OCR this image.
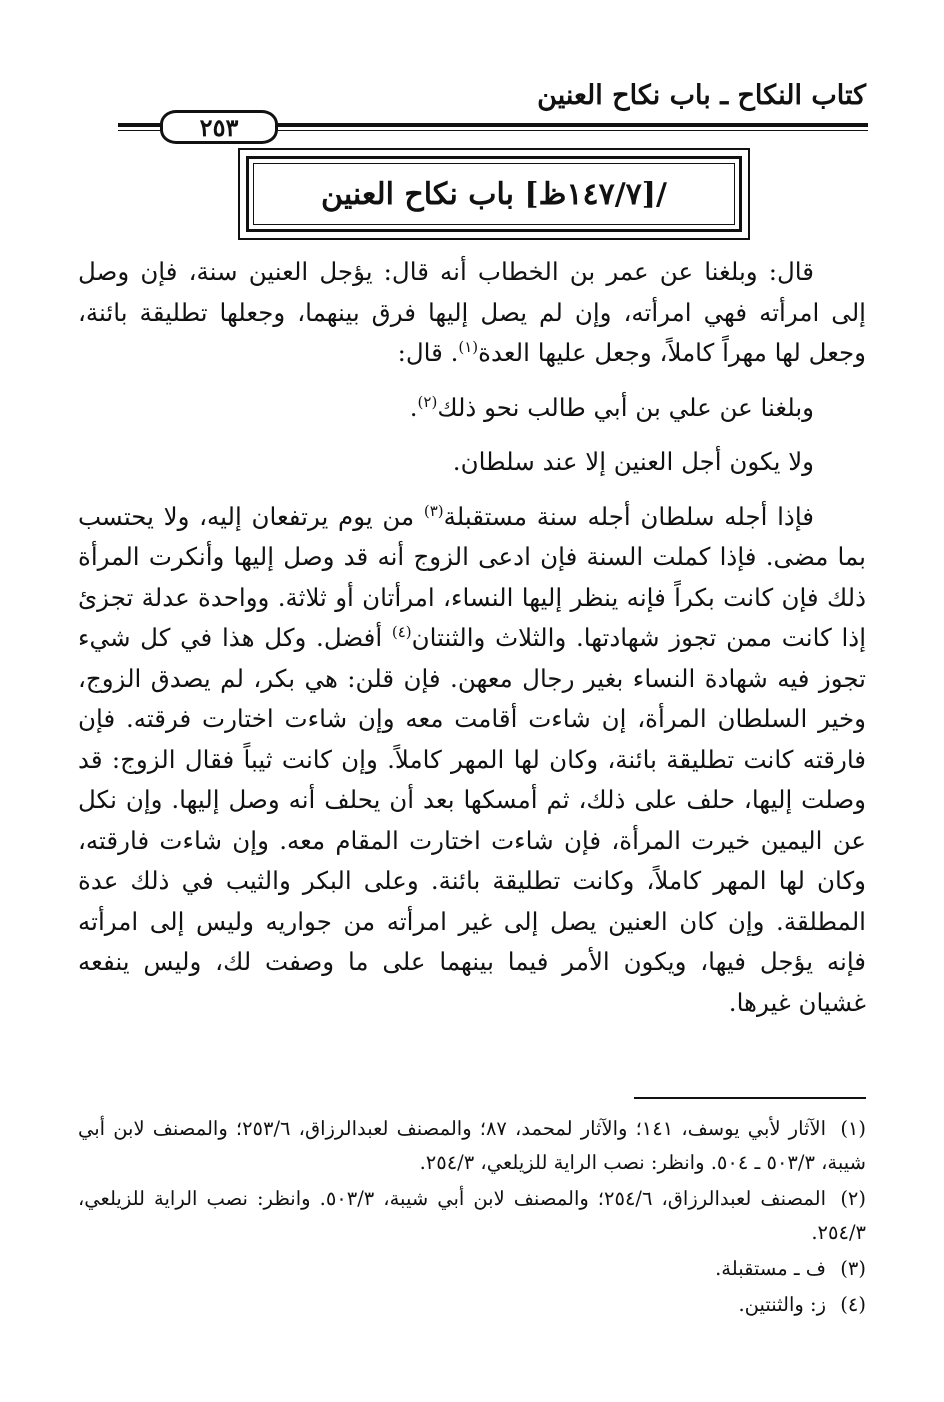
كتاب النكاح ـ باب نكاح العنين
٢٥٣
/[١٤٧/٧ظ] باب نكاح العنين

قال: وبلغنا عن عمر بن الخطاب أنه قال: يؤجل العنين سنة، فإن وصل إلى امرأته فهي امرأته، وإن لم يصل إليها فرق بينهما، وجعلها تطليقة بائنة، وجعل لها مهراً كاملاً، وجعل عليها العدة$^{(١)}$. قال:

وبلغنا عن علي بن أبي طالب نحو ذلك$^{(٢)}$.

ولا يكون أجل العنين إلا عند سلطان.

فإذا أجله سلطان أجله سنة مستقبلة$^{(٣)}$ من يوم يرتفعان إليه، ولا يحتسب بما مضى. فإذا كملت السنة فإن ادعى الزوج أنه قد وصل إليها وأنكرت المرأة ذلك فإن كانت بكراً فإنه ينظر إليها النساء، امرأتان أو ثلاثة. وواحدة عدلة تجزئ إذا كانت ممن تجوز شهادتها. والثلاث والثنتان$^{(٤)}$ أفضل. وكل هذا في كل شيء تجوز فيه شهادة النساء بغير رجال معهن. فإن قلن: هي بكر، لم يصدق الزوج، وخير السلطان المرأة، إن شاءت أقامت معه وإن شاءت اختارت فرقته. فإن فارقته كانت تطليقة بائنة، وكان لها المهر كاملاً. وإن كانت ثيباً فقال الزوج: قد وصلت إليها، حلف على ذلك، ثم أمسكها بعد أن يحلف أنه وصل إليها. وإن نكل عن اليمين خيرت المرأة، فإن شاءت اختارت المقام معه. وإن شاءت فارقته، وكان لها المهر كاملاً، وكانت تطليقة بائنة. وعلى البكر والثيب في ذلك عدة المطلقة. وإن كان العنين يصل إلى غير امرأته من جواريه وليس إلى امرأته فإنه يؤجل فيها، ويكون الأمر فيما بينهما على ما وصفت لك، وليس ينفعه غشيان غيرها.

(١)الآثار لأبي يوسف، ١٤١؛ والآثار لمحمد، ٨٧؛ والمصنف لعبدالرزاق، ٢٥٣/٦؛ والمصنف لابن أبي شيبة، ٥٠٣/٣ ـ ٥٠٤. وانظر: نصب الراية للزيلعي، ٢٥٤/٣.

(٢)المصنف لعبدالرزاق، ٢٥٤/٦؛ والمصنف لابن أبي شيبة، ٥٠٣/٣. وانظر: نصب الراية للزيلعي، ٢٥٤/٣.

(٣)ف ـ مستقبلة.

(٤)ز: والثنتين.
